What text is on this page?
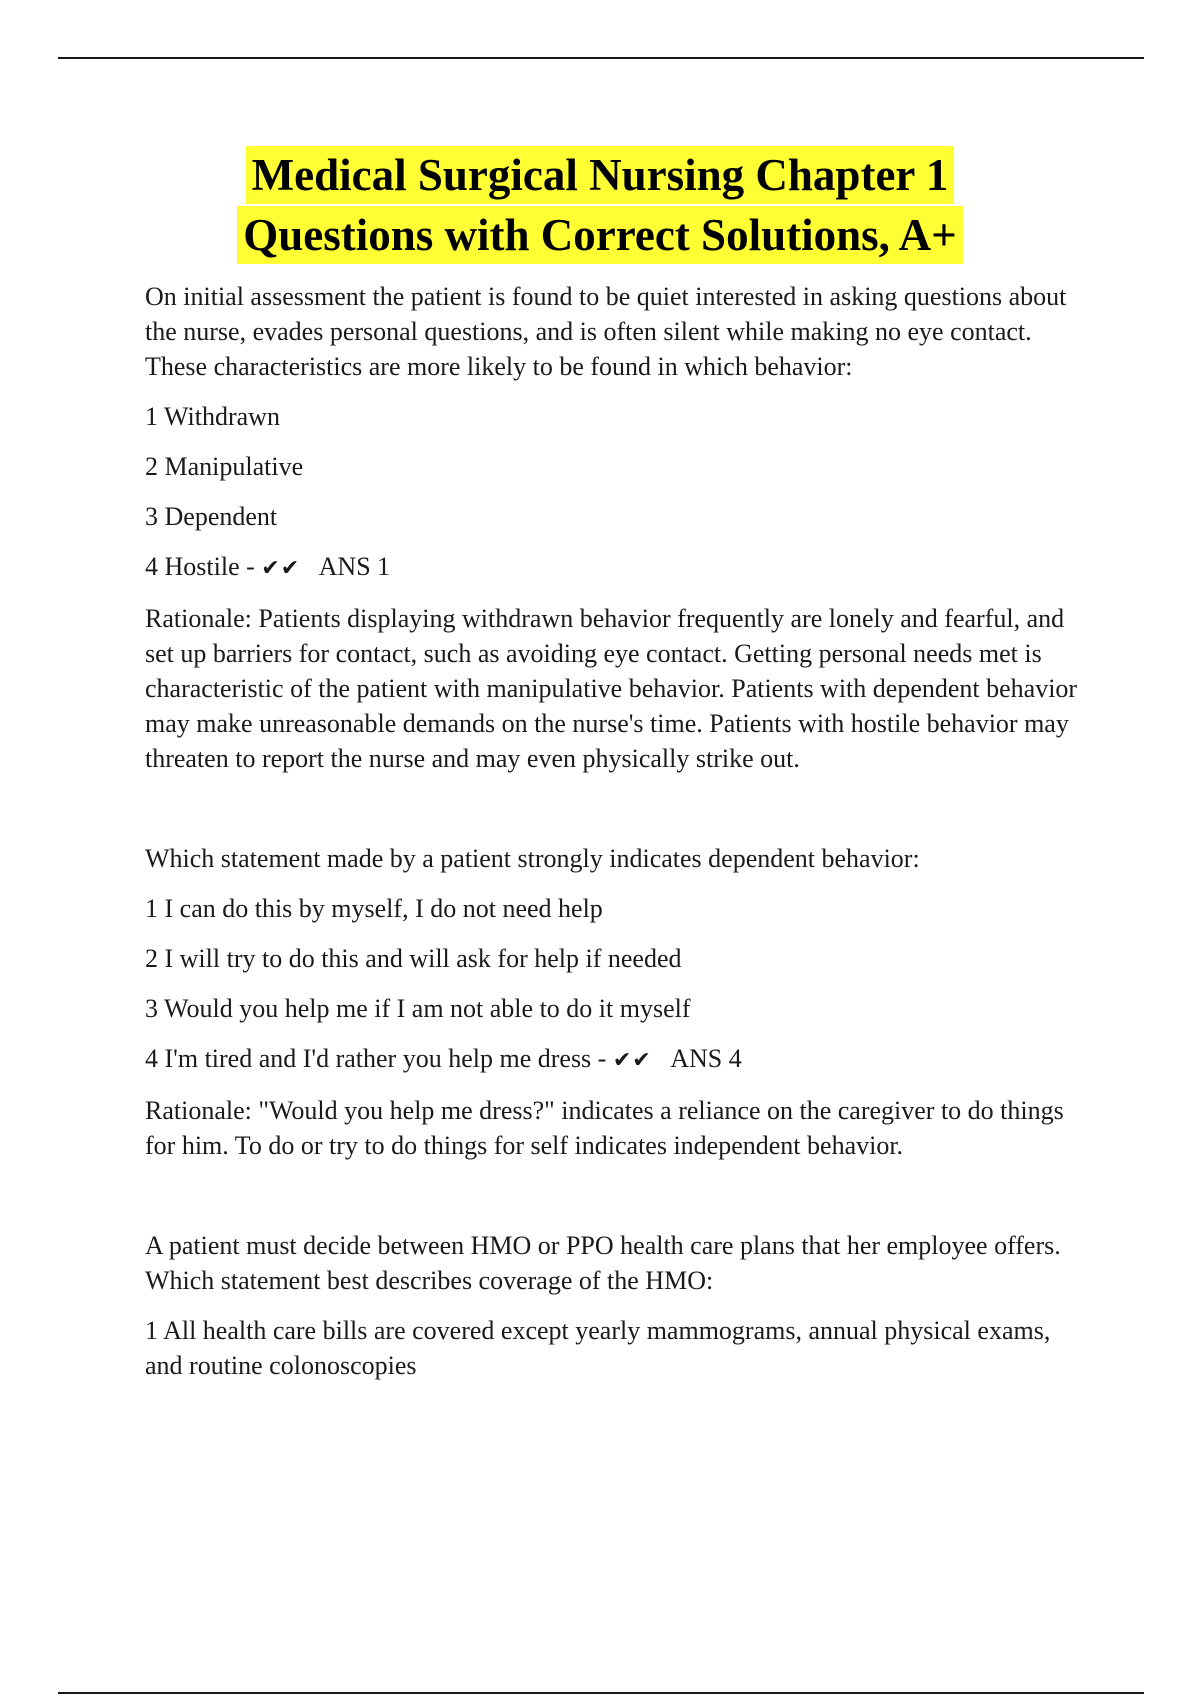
Medical Surgical Nursing Chapter 1
Questions with Correct Solutions, A+

On initial assessment the patient is found to be quiet interested in asking questions about the nurse, evades personal questions, and is often silent while making no eye contact. These characteristics are more likely to be found in which behavior:

1 Withdrawn

2 Manipulative

3 Dependent

4 Hostile - ✔✔ ANS 1

Rationale: Patients displaying withdrawn behavior frequently are lonely and fearful, and set up barriers for contact, such as avoiding eye contact. Getting personal needs met is characteristic of the patient with manipulative behavior. Patients with dependent behavior may make unreasonable demands on the nurse's time. Patients with hostile behavior may threaten to report the nurse and may even physically strike out.

Which statement made by a patient strongly indicates dependent behavior:

1 I can do this by myself, I do not need help

2 I will try to do this and will ask for help if needed

3 Would you help me if I am not able to do it myself

4 I'm tired and I'd rather you help me dress - ✔✔ ANS 4

Rationale: "Would you help me dress?" indicates a reliance on the caregiver to do things for him. To do or try to do things for self indicates independent behavior.

A patient must decide between HMO or PPO health care plans that her employee offers. Which statement best describes coverage of the HMO:

1 All health care bills are covered except yearly mammograms, annual physical exams, and routine colonoscopies
